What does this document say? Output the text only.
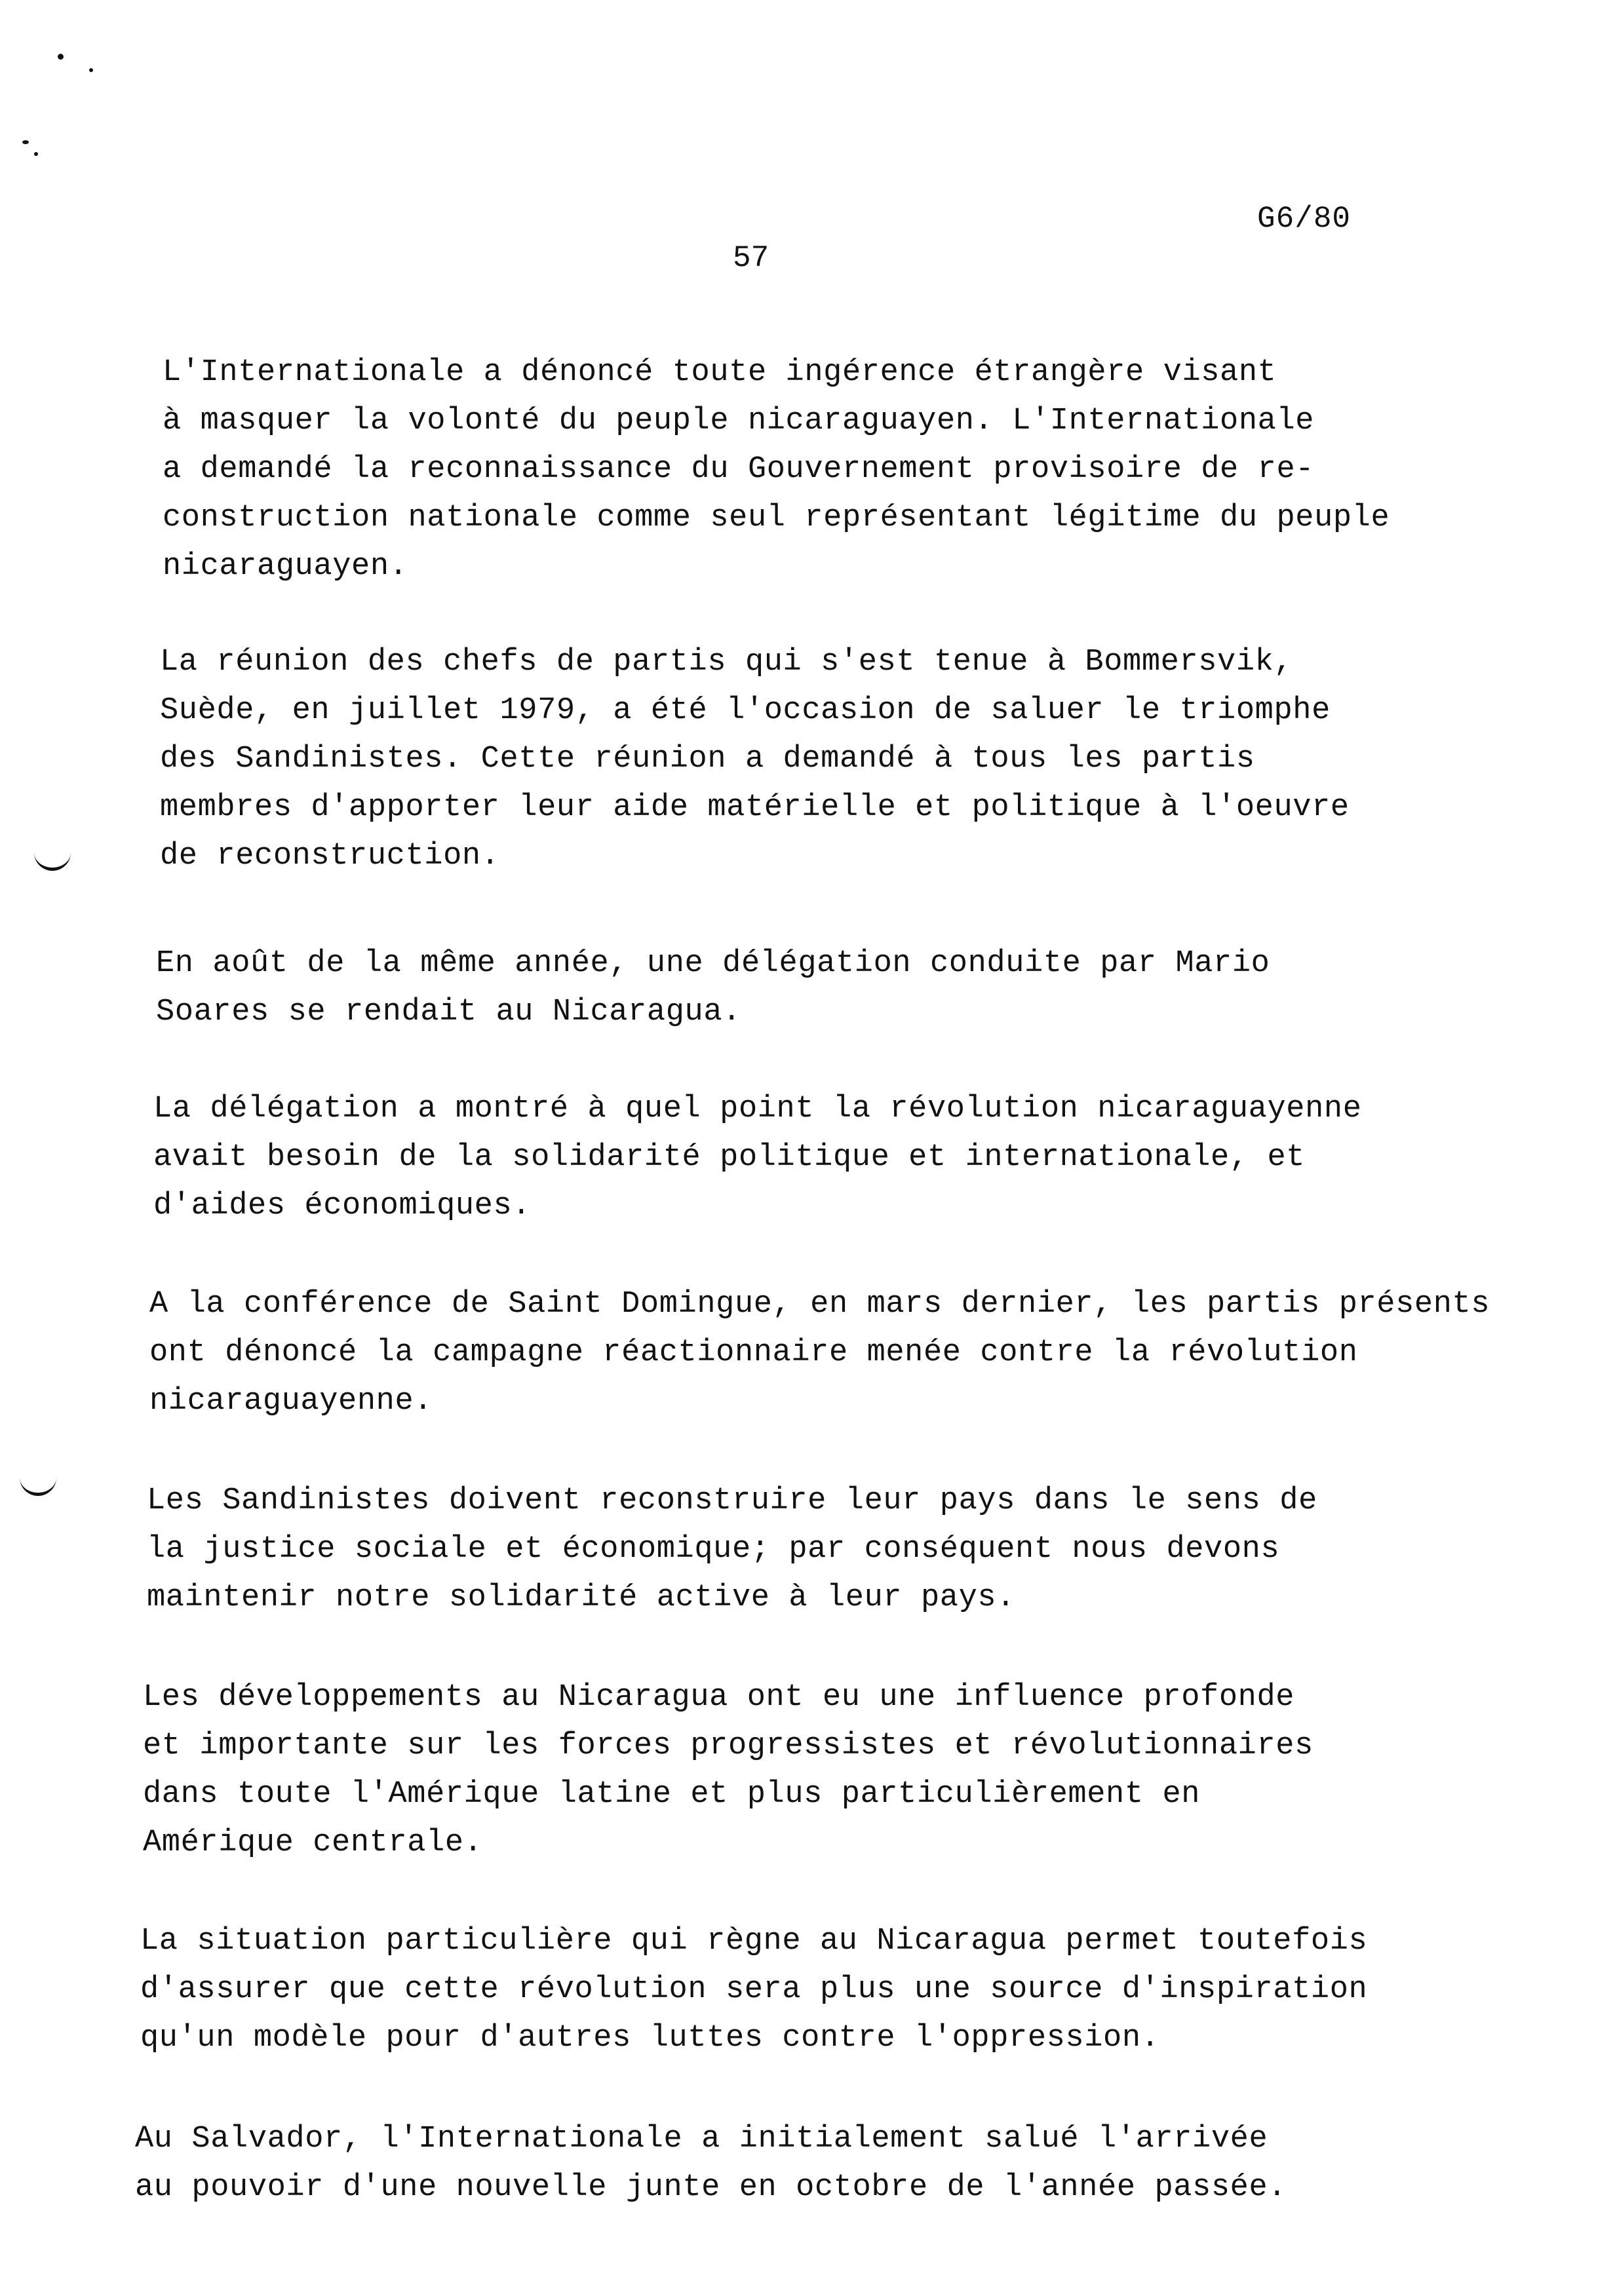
G6/80
57
L'Internationale a dénoncé toute ingérence étrangère visant
à masquer la volonté du peuple nicaraguayen. L'Internationale
a demandé la reconnaissance du Gouvernement provisoire de re-
construction nationale comme seul représentant légitime du peuple
nicaraguayen.
La réunion des chefs de partis qui s'est tenue à Bommersvik,
Suède, en juillet 1979, a été l'occasion de saluer le triomphe
des Sandinistes. Cette réunion a demandé à tous les partis
membres d'apporter leur aide matérielle et politique à l'oeuvre
de reconstruction.
En août de la même année, une délégation conduite par Mario
Soares se rendait au Nicaragua.
La délégation a montré à quel point la révolution nicaraguayenne
avait besoin de la solidarité politique et internationale, et
d'aides économiques.
A la conférence de Saint Domingue, en mars dernier, les partis présents
ont dénoncé la campagne réactionnaire menée contre la révolution
nicaraguayenne.
Les Sandinistes doivent reconstruire leur pays dans le sens de
la justice sociale et économique; par conséquent nous devons
maintenir notre solidarité active à leur pays.
Les développements au Nicaragua ont eu une influence profonde
et importante sur les forces progressistes et révolutionnaires
dans toute l'Amérique latine et plus particulièrement en
Amérique centrale.
La situation particulière qui règne au Nicaragua permet toutefois
d'assurer que cette révolution sera plus une source d'inspiration
qu'un modèle pour d'autres luttes contre l'oppression.
Au Salvador, l'Internationale a initialement salué l'arrivée
au pouvoir d'une nouvelle junte en octobre de l'année passée.
